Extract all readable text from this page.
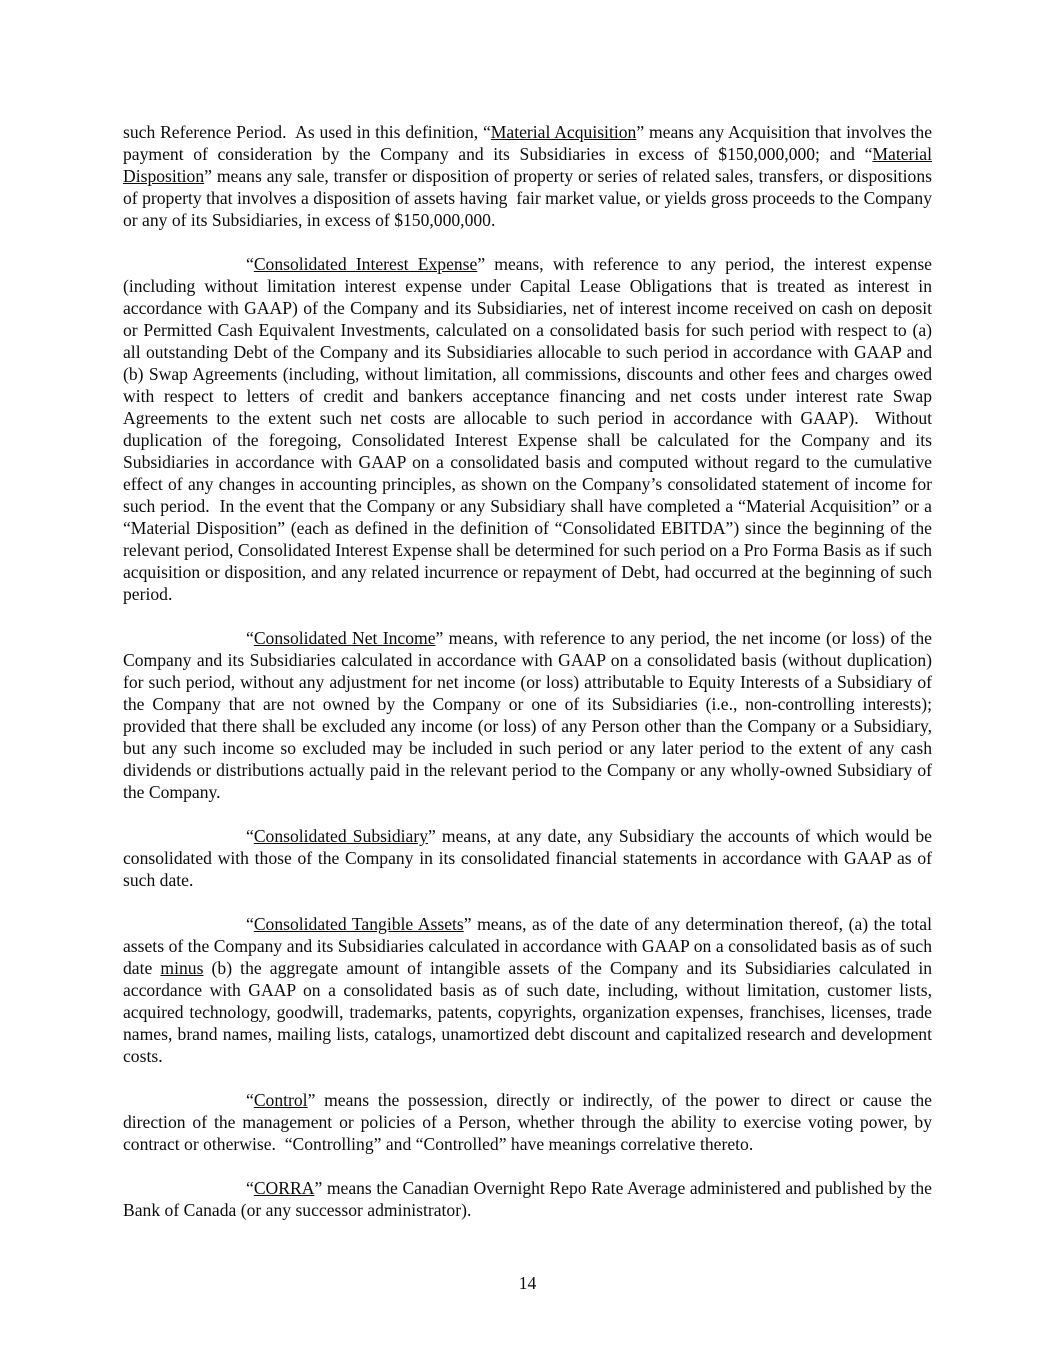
such Reference Period.  As used in this definition, “Material Acquisition” means any Acquisition that involves the payment of consideration by the Company and its Subsidiaries in excess of $150,000,000; and “Material Disposition” means any sale, transfer or disposition of property or series of related sales, transfers, or dispositions of property that involves a disposition of assets having  fair market value, or yields gross proceeds to the Company or any of its Subsidiaries, in excess of $150,000,000.

“Consolidated Interest Expense” means, with reference to any period, the interest expense (including without limitation interest expense under Capital Lease Obligations that is treated as interest in accordance with GAAP) of the Company and its Subsidiaries, net of interest income received on cash on deposit or Permitted Cash Equivalent Investments, calculated on a consolidated basis for such period with respect to (a) all outstanding Debt of the Company and its Subsidiaries allocable to such period in accordance with GAAP and (b) Swap Agreements (including, without limitation, all commissions, discounts and other fees and charges owed with respect to letters of credit and bankers acceptance financing and net costs under interest rate Swap Agreements to the extent such net costs are allocable to such period in accordance with GAAP).  Without duplication of the foregoing, Consolidated Interest Expense shall be calculated for the Company and its Subsidiaries in accordance with GAAP on a consolidated basis and computed without regard to the cumulative effect of any changes in accounting principles, as shown on the Company’s consolidated statement of income for such period.  In the event that the Company or any Subsidiary shall have completed a “Material Acquisition” or a “Material Disposition” (each as defined in the definition of “Consolidated EBITDA”) since the beginning of the relevant period, Consolidated Interest Expense shall be determined for such period on a Pro Forma Basis as if such acquisition or disposition, and any related incurrence or repayment of Debt, had occurred at the beginning of such period.

“Consolidated Net Income” means, with reference to any period, the net income (or loss) of the Company and its Subsidiaries calculated in accordance with GAAP on a consolidated basis (without duplication) for such period, without any adjustment for net income (or loss) attributable to Equity Interests of a Subsidiary of the Company that are not owned by the Company or one of its Subsidiaries (i.e., non-controlling interests); provided that there shall be excluded any income (or loss) of any Person other than the Company or a Subsidiary, but any such income so excluded may be included in such period or any later period to the extent of any cash dividends or distributions actually paid in the relevant period to the Company or any wholly-owned Subsidiary of the Company.

“Consolidated Subsidiary” means, at any date, any Subsidiary the accounts of which would be consolidated with those of the Company in its consolidated financial statements in accordance with GAAP as of such date.

“Consolidated Tangible Assets” means, as of the date of any determination thereof, (a) the total assets of the Company and its Subsidiaries calculated in accordance with GAAP on a consolidated basis as of such date minus (b) the aggregate amount of intangible assets of the Company and its Subsidiaries calculated in accordance with GAAP on a consolidated basis as of such date, including, without limitation, customer lists, acquired technology, goodwill, trademarks, patents, copyrights, organization expenses, franchises, licenses, trade names, brand names, mailing lists, catalogs, unamortized debt discount and capitalized research and development costs.

“Control” means the possession, directly or indirectly, of the power to direct or cause the direction of the management or policies of a Person, whether through the ability to exercise voting power, by contract or otherwise.  “Controlling” and “Controlled” have meanings correlative thereto.

“CORRA” means the Canadian Overnight Repo Rate Average administered and published by the Bank of Canada (or any successor administrator).

14
